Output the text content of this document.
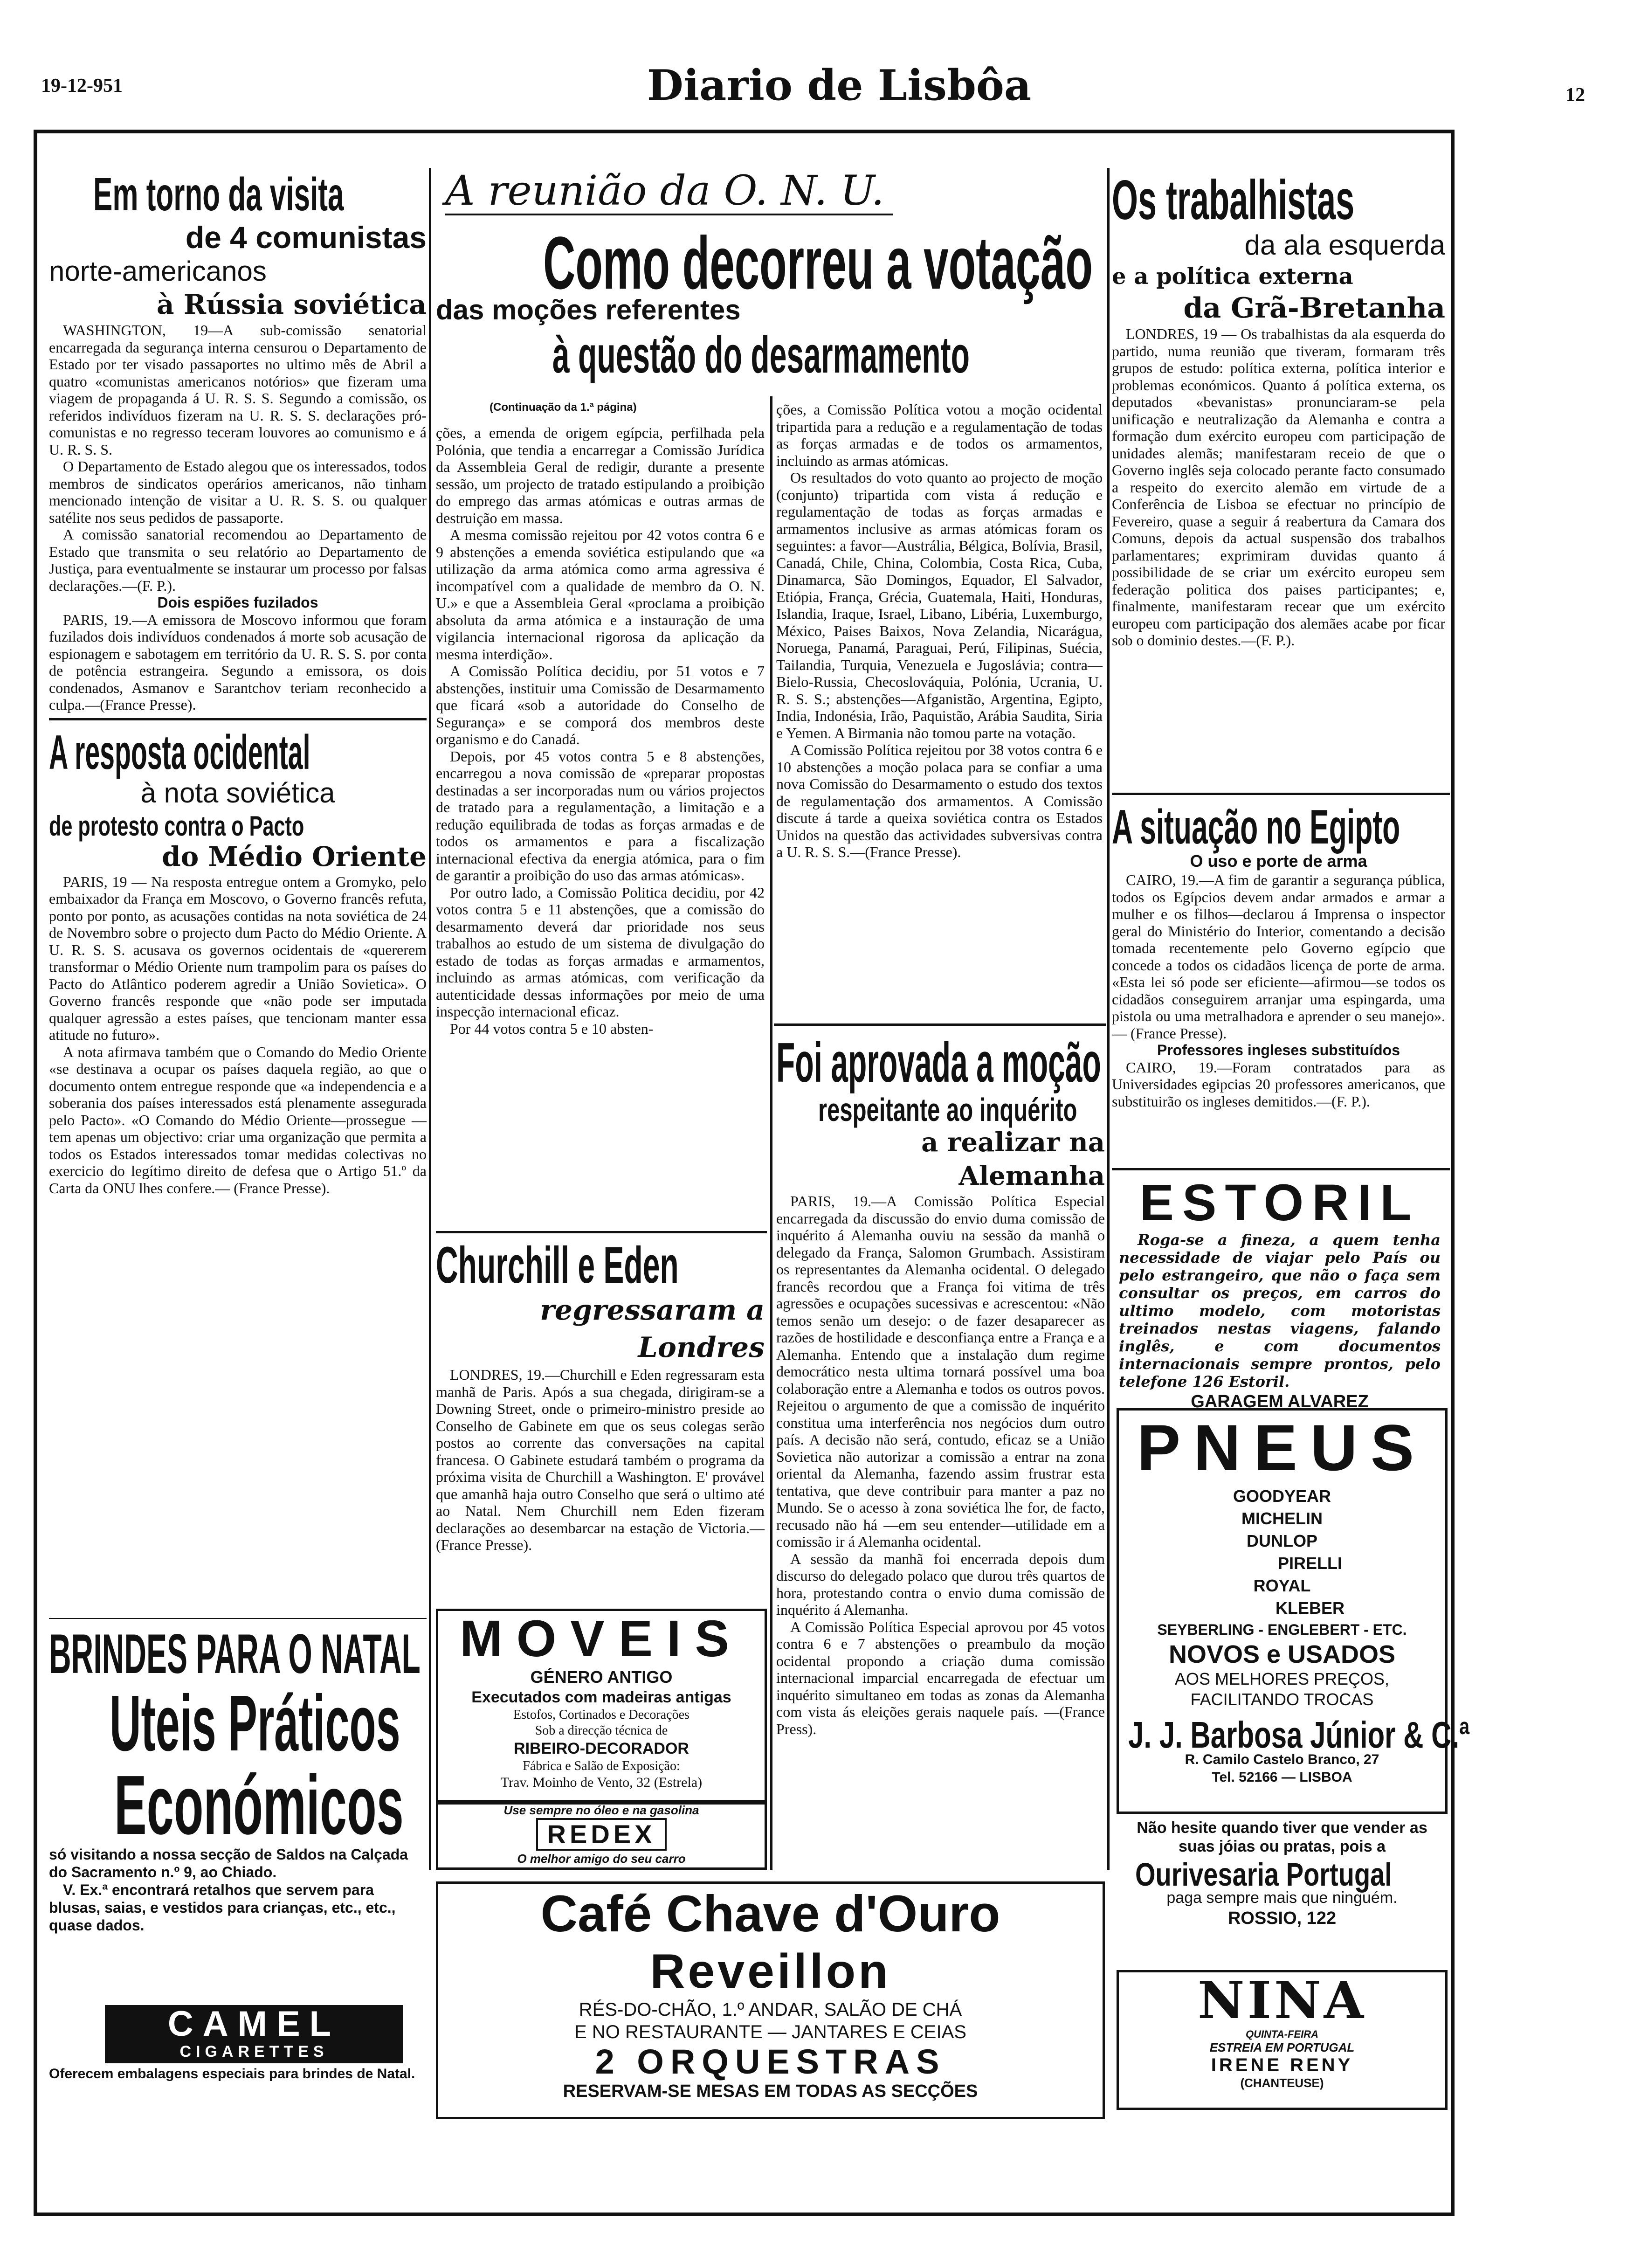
19-12-951	Diario de Lisbôa	12
Em torno da visita
de 4 comunistas
norte-americanos
à Rússia soviética

WASHINGTON, 19—A sub-comissão senatorial encarregada da segurança interna censurou o Departamento de Estado por ter visado passaportes no ultimo mês de Abril a quatro «comunistas americanos notórios» que fizeram uma viagem de propaganda á U. R. S. S. Segundo a comissão, os referidos indivíduos fizeram na U. R. S. S. declarações pró-comunistas e no regresso teceram louvores ao comunismo e á U. R. S. S.

O Departamento de Estado alegou que os interessados, todos membros de sindicatos operários americanos, não tinham mencionado intenção de visitar a U. R. S. S. ou qualquer satélite nos seus pedidos de passaporte.

A comissão sanatorial recomendou ao Departamento de Estado que transmita o seu relatório ao Departamento de Justiça, para eventualmente se instaurar um processo por falsas declarações.—(F. P.).

Dois espiões fuzilados

PARIS, 19.—A emissora de Moscovo informou que foram fuzilados dois indivíduos condenados á morte sob acusação de espionagem e sabotagem em território da U. R. S. S. por conta de potência estrangeira. Segundo a emissora, os dois condenados, Asmanov e Sarantchov teriam reconhecido a culpa.—(France Presse).

A resposta ocidental
à nota soviética
de protesto contra o Pacto
do Médio Oriente

PARIS, 19 — Na resposta entregue ontem a Gromyko, pelo embaixador da França em Moscovo, o Governo francês refuta, ponto por ponto, as acusações contidas na nota soviética de 24 de Novembro sobre o projecto dum Pacto do Médio Oriente. A U. R. S. S. acusava os governos ocidentais de «quererem transformar o Médio Oriente num trampolim para os países do Pacto do Atlântico poderem agredir a União Sovietica». O Governo francês responde que «não pode ser imputada qualquer agressão a estes países, que tencionam manter essa atitude no futuro».

A nota afirmava também que o Comando do Medio Oriente «se destinava a ocupar os países daquela região, ao que o documento ontem entregue responde que «a independencia e a soberania dos países interessados está plenamente assegurada pelo Pacto». «O Comando do Médio Oriente—prossegue — tem apenas um objectivo: criar uma organização que permita a todos os Estados interessados tomar medidas colectivas no exercicio do legítimo direito de defesa que o Artigo 51.º da Carta da ONU lhes confere.— (France Presse).

BRINDES PARA O NATAL
Uteis Práticos
Económicos
só visitando a nossa secção de Saldos na Calçada do Sacramento n.º 9, ao Chiado.
V. Ex.ª encontrará retalhos que servem para blusas, saias, e vestidos para crianças, etc., etc., quase dados.
CAMEL
CIGARETTES
Oferecem embalagens especiais para brindes de Natal.
A reunião da O. N. U.
Como decorreu a votação
das moções referentes
à questão do desarmamento
(Continuação da 1.ª página)

ções, a emenda de origem egípcia, perfilhada pela Polónia, que tendia a encarregar a Comissão Jurídica da Assembleia Geral de redigir, durante a presente sessão, um projecto de tratado estipulando a proibição do emprego das armas atómicas e outras armas de destruição em massa.

A mesma comissão rejeitou por 42 votos contra 6 e 9 abstenções a emenda soviética estipulando que «a utilização da arma atómica como arma agressiva é incompatível com a qualidade de membro da O. N. U.» e que a Assembleia Geral «proclama a proibição absoluta da arma atómica e a instauração de uma vigilancia internacional rigorosa da aplicação da mesma interdição».

A Comissão Política decidiu, por 51 votos e 7 abstenções, instituir uma Comissão de Desarmamento que ficará «sob a autoridade do Conselho de Segurança» e se comporá dos membros deste organismo e do Canadá.

Depois, por 45 votos contra 5 e 8 abstenções, encarregou a nova comissão de «preparar propostas destinadas a ser incorporadas num ou vários projectos de tratado para a regulamentação, a limitação e a redução equilibrada de todas as forças armadas e de todos os armamentos e para a fiscalização internacional efectiva da energia atómica, para o fim de garantir a proibição do uso das armas atómicas».

Por outro lado, a Comissão Politica decidiu, por 42 votos contra 5 e 11 abstenções, que a comissão do desarmamento deverá dar prioridade nos seus trabalhos ao estudo de um sistema de divulgação do estado de todas as forças armadas e armamentos, incluindo as armas atómicas, com verificação da autenticidade dessas informações por meio de uma inspecção internacional eficaz.

Por 44 votos contra 5 e 10 absten-

ções, a Comissão Política votou a moção ocidental tripartida para a redução e a regulamentação de todas as forças armadas e de todos os armamentos, incluindo as armas atómicas.

Os resultados do voto quanto ao projecto de moção (conjunto) tripartida com vista á redução e regulamentação de todas as forças armadas e armamentos inclusive as armas atómicas foram os seguintes: a favor—Austrália, Bélgica, Bolívia, Brasil, Canadá, Chile, China, Colombia, Costa Rica, Cuba, Dinamarca, São Domingos, Equador, El Salvador, Etiópia, França, Grécia, Guatemala, Haiti, Honduras, Islandia, Iraque, Israel, Libano, Libéria, Luxemburgo, México, Paises Baixos, Nova Zelandia, Nicarágua, Noruega, Panamá, Paraguai, Perú, Filipinas, Suécia, Tailandia, Turquia, Venezuela e Jugoslávia; contra—Bielo-Russia, Checoslováquia, Polónia, Ucrania, U. R. S. S.; abstenções—Afganistão, Argentina, Egipto, India, Indonésia, Irão, Paquistão, Arábia Saudita, Siria e Yemen. A Birmania não tomou parte na votação.

A Comissão Política rejeitou por 38 votos contra 6 e 10 abstenções a moção polaca para se confiar a uma nova Comissão do Desarmamento o estudo dos textos de regulamentação dos armamentos. A Comissão discute á tarde a queixa soviética contra os Estados Unidos na questão das actividades subversivas contra a U. R. S. S.—(France Presse).

Churchill e Eden
regressaram a Londres

LONDRES, 19.—Churchill e Eden regressaram esta manhã de Paris. Após a sua chegada, dirigiram-se a Downing Street, onde o primeiro-ministro preside ao Conselho de Gabinete em que os seus colegas serão postos ao corrente das conversações na capital francesa. O Gabinete estudará também o programa da próxima visita de Churchill a Washington. E' provável que amanhã haja outro Conselho que será o ultimo até ao Natal. Nem Churchill nem Eden fizeram declarações ao desembarcar na estação de Victoria.—(France Presse).

MOVEIS
GÉNERO ANTIGO
Executados com madeiras antigas
Estofos, Cortinados e Decorações
Sob a direcção técnica de
RIBEIRO-DECORADOR
Fábrica e Salão de Exposição:
Trav. Moinho de Vento, 32 (Estrela)
Use sempre no óleo e na gasolina
REDEX
O melhor amigo do seu carro
Foi aprovada a moção
respeitante ao inquérito
a realizar na Alemanha

PARIS, 19.—A Comissão Política Especial encarregada da discussão do envio duma comissão de inquérito á Alemanha ouviu na sessão da manhã o delegado da França, Salomon Grumbach. Assistiram os representantes da Alemanha ocidental. O delegado francês recordou que a França foi vitima de três agressões e ocupações sucessivas e acrescentou: «Não temos senão um desejo: o de fazer desaparecer as razões de hostilidade e desconfiança entre a França e a Alemanha. Entendo que a instalação dum regime democrático nesta ultima tornará possível uma boa colaboração entre a Alemanha e todos os outros povos. Rejeitou o argumento de que a comissão de inquérito constitua uma interferência nos negócios dum outro país. A decisão não será, contudo, eficaz se a União Sovietica não autorizar a comissão a entrar na zona oriental da Alemanha, fazendo assim frustrar esta tentativa, que deve contribuir para manter a paz no Mundo. Se o acesso à zona soviética lhe for, de facto, recusado não há —em seu entender—utilidade em a comissão ir á Alemanha ocidental.

A sessão da manhã foi encerrada depois dum discurso do delegado polaco que durou três quartos de hora, protestando contra o envio duma comissão de inquérito á Alemanha.

A Comissão Política Especial aprovou por 45 votos contra 6 e 7 abstenções o preambulo da moção ocidental propondo a criação duma comissão internacional imparcial encarregada de efectuar um inquérito simultaneo em todas as zonas da Alemanha com vista ás eleições gerais naquele país. —(France Press).

Os trabalhistas
da ala esquerda
e a política externa
da Grã-Bretanha

LONDRES, 19 — Os trabalhistas da ala esquerda do partido, numa reunião que tiveram, formaram três grupos de estudo: política externa, política interior e problemas económicos. Quanto á política externa, os deputados «bevanistas» pronunciaram-se pela unificação e neutralização da Alemanha e contra a formação dum exército europeu com participação de unidades alemãs; manifestaram receio de que o Governo inglês seja colocado perante facto consumado a respeito do exercito alemão em virtude de a Conferência de Lisboa se efectuar no princípio de Fevereiro, quase a seguir á reabertura da Camara dos Comuns, depois da actual suspensão dos trabalhos parlamentares; exprimiram duvidas quanto á possibilidade de se criar um exército europeu sem federação politica dos paises participantes; e, finalmente, manifestaram recear que um exército europeu com participação dos alemães acabe por ficar sob o dominio destes.—(F. P.).

A situação no Egipto
O uso e porte de arma

CAIRO, 19.—A fim de garantir a segurança pública, todos os Egípcios devem andar armados e armar a mulher e os filhos—declarou á Imprensa o inspector geral do Ministério do Interior, comentando a decisão tomada recentemente pelo Governo egípcio que concede a todos os cidadãos licença de porte de arma. «Esta lei só pode ser eficiente—afirmou—se todos os cidadãos conseguirem arranjar uma espingarda, uma pistola ou uma metralhadora e aprender o seu manejo».— (France Presse).

Professores ingleses substituídos

CAIRO, 19.—Foram contratados para as Universidades egipcias 20 professores americanos, que substituirão os ingleses demitidos.—(F. P.).

ESTORIL
Roga-se a fineza, a quem tenha necessidade de viajar pelo País ou pelo estrangeiro, que não o faça sem consultar os preços, em carros do ultimo modelo, com motoristas treinados nestas viagens, falando inglês, e com documentos internacionais sempre prontos, pelo telefone 126 Estoril.
GARAGEM ALVAREZ
PNEUS
GOODYEAR
MICHELIN
DUNLOP
PIRELLI
ROYAL
KLEBER
SEYBERLING - ENGLEBERT - ETC.
NOVOS e USADOS
AOS MELHORES PREÇOS,
FACILITANDO TROCAS
J. J. Barbosa Júnior & C.ª
R. Camilo Castelo Branco, 27
Tel. 52166 — LISBOA
Não hesite quando tiver que vender as suas jóias ou pratas, pois a
Ourivesaria Portugal
paga sempre mais que ninguém.
ROSSIO, 122
NINA
QUINTA-FEIRA
ESTREIA EM PORTUGAL
IRENE RENY
(CHANTEUSE)
Café Chave d'Ouro
Reveillon
RÉS-DO-CHÃO, 1.º ANDAR, SALÃO DE CHÁ
E NO RESTAURANTE — JANTARES E CEIAS
2 ORQUESTRAS
RESERVAM-SE MESAS EM TODAS AS SECÇÕES
